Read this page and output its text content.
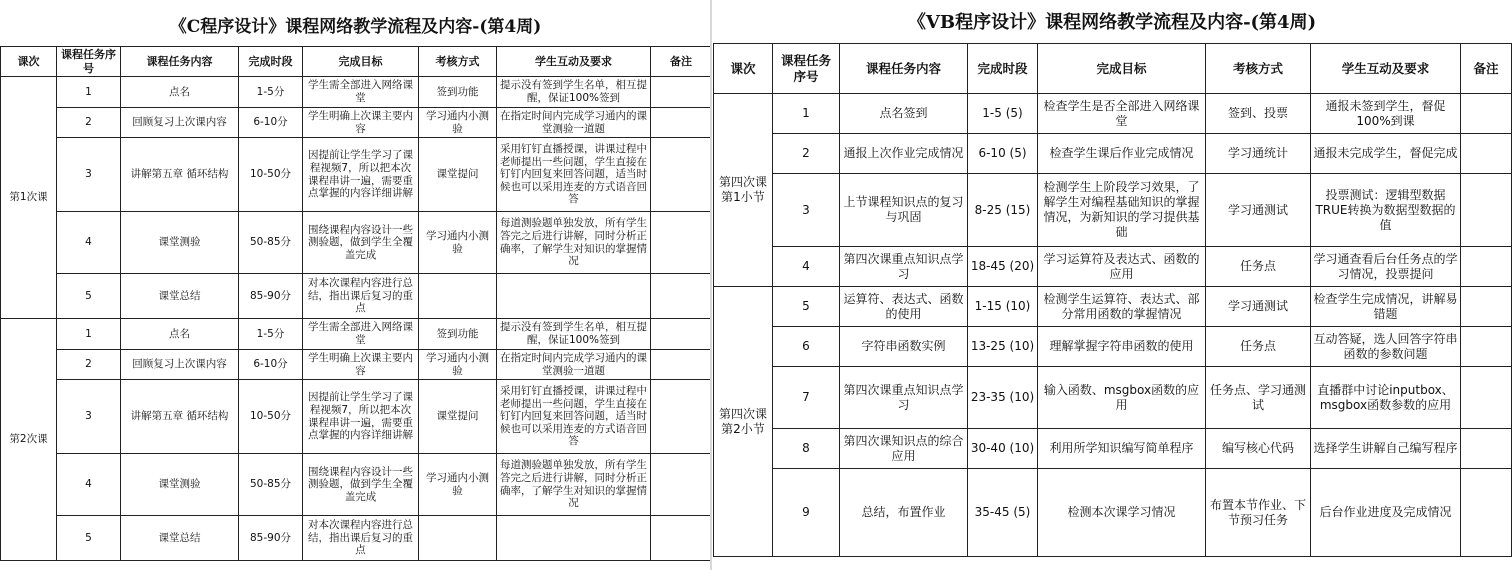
《C程序设计》课程网络教学流程及内容-(第4周)
课次	课程任务序号	课程任务内容	完成时段	完成目标	考核方式	学生互动及要求	备注
第1次课	1	点名	1-5分	学生需全部进入网络课堂	签到功能	提示没有签到学生名单，相互提醒，保证100%签到	
	2	回顾复习上次课内容	6-10分	学生明确上次课主要内容	学习通内小测验	在指定时间内完成学习通内的课堂测验一道题	
	3	讲解第五章 循环结构	10-50分	因提前让学生学习了课程视频7，所以把本次课程串讲一遍，需要重点掌握的内容详细讲解	课堂提问	采用钉钉直播授课，讲课过程中老师提出一些问题，学生直接在钉钉内回复来回答问题，适当时候也可以采用连麦的方式语音回答	
	4	课堂测验	50-85分	围绕课程内容设计一些测验题，做到学生全覆盖完成	学习通内小测验	每道测验题单独发放，所有学生答完之后进行讲解，同时分析正确率，了解学生对知识的掌握情况	
	5	课堂总结	85-90分	对本次课程内容进行总结，指出课后复习的重点			
第2次课	1	点名	1-5分	学生需全部进入网络课堂	签到功能	提示没有签到学生名单，相互提醒，保证100%签到	
	2	回顾复习上次课内容	6-10分	学生明确上次课主要内容	学习通内小测验	在指定时间内完成学习通内的课堂测验一道题	
	3	讲解第五章 循环结构	10-50分	因提前让学生学习了课程视频7，所以把本次课程串讲一遍，需要重点掌握的内容详细讲解	课堂提问	采用钉钉直播授课，讲课过程中老师提出一些问题，学生直接在钉钉内回复来回答问题，适当时候也可以采用连麦的方式语音回答	
	4	课堂测验	50-85分	围绕课程内容设计一些测验题，做到学生全覆盖完成	学习通内小测验	每道测验题单独发放，所有学生答完之后进行讲解，同时分析正确率，了解学生对知识的掌握情况	
	5	课堂总结	85-90分	对本次课程内容进行总结，指出课后复习的重点			
《VB程序设计》课程网络教学流程及内容-(第4周)
课次	课程任务序号	课程任务内容	完成时段	完成目标	考核方式	学生互动及要求	备注
第四次课第1小节	1	点名签到	1-5 (5)	检查学生是否全部进入网络课堂	签到、投票	通报未签到学生，督促100%到课	
	2	通报上次作业完成情况	6-10 (5)	检查学生课后作业完成情况	学习通统计	通报未完成学生，督促完成	
	3	上节课程知识点的复习与巩固	8-25 (15)	检测学生上阶段学习效果，了解学生对编程基础知识的掌握情况，为新知识的学习提供基础	学习通测试	投票测试：逻辑型数据TRUE转换为数据型数据的值	
	4	第四次课重点知识点学习	18-45 (20)	学习运算符及表达式、函数的应用	任务点	学习通查看后台任务点的学习情况，投票提问	
第四次课第2小节	5	运算符、表达式、函数的使用	1-15 (10)	检测学生运算符、表达式、部分常用函数的掌握情况	学习通测试	检查学生完成情况，讲解易错题	
	6	字符串函数实例	13-25 (10)	理解掌握字符串函数的使用	任务点	互动答疑，选人回答字符串函数的参数问题	
	7	第四次课重点知识点学习	23-35 (10)	输入函数、msgbox函数的应用	任务点、学习通测试	直播群中讨论inputbox、msgbox函数参数的应用	
	8	第四次课知识点的综合应用	30-40 (10)	利用所学知识编写简单程序	编写核心代码	选择学生讲解自己编写程序	
	9	总结，布置作业	35-45 (5)	检测本次课学习情况	布置本节作业、下节预习任务	后台作业进度及完成情况	
